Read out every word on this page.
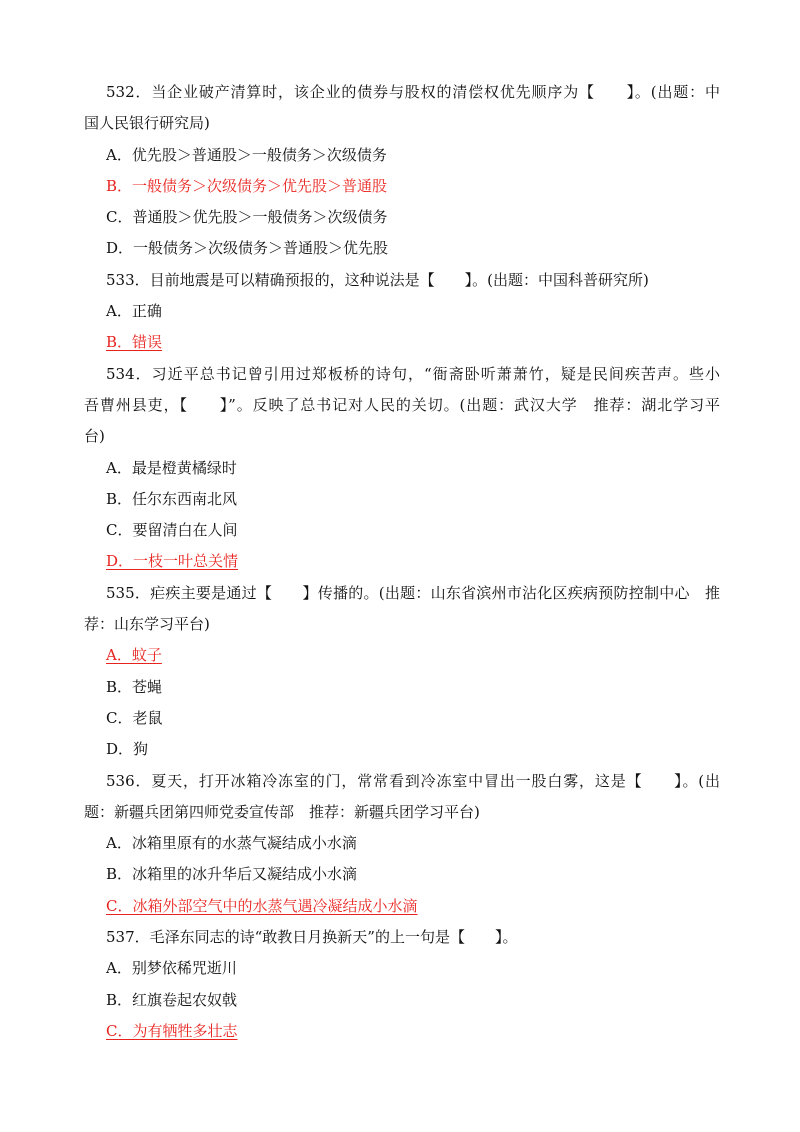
532．当企业破产清算时，该企业的债券与股权的清偿权优先顺序为【　　】。(出题：中
国人民银行研究局)
A．优先股＞普通股＞一般债务＞次级债务
B．一般债务＞次级债务＞优先股＞普通股
C．普通股＞优先股＞一般债务＞次级债务
D．一般债务＞次级债务＞普通股＞优先股
533．目前地震是可以精确预报的，这种说法是【　　】。(出题：中国科普研究所)
A．正确
B．错误
534．习近平总书记曾引用过郑板桥的诗句，“衙斋卧听萧萧竹，疑是民间疾苦声。些小
吾曹州县吏，【　　】”。反映了总书记对人民的关切。(出题：武汉大学　推荐：湖北学习平
台)
A．最是橙黄橘绿时
B．任尔东西南北风
C．要留清白在人间
D．一枝一叶总关情
535．疟疾主要是通过【　　】传播的。(出题：山东省滨州市沾化区疾病预防控制中心　推
荐：山东学习平台)
A．蚊子
B．苍蝇
C．老鼠
D．狗
536．夏天，打开冰箱冷冻室的门，常常看到冷冻室中冒出一股白雾，这是【　　】。(出
题：新疆兵团第四师党委宣传部　推荐：新疆兵团学习平台)
A．冰箱里原有的水蒸气凝结成小水滴
B．冰箱里的冰升华后又凝结成小水滴
C．冰箱外部空气中的水蒸气遇冷凝结成小水滴
537．毛泽东同志的诗“敢教日月换新天”的上一句是【　　】。
A．别梦依稀咒逝川
B．红旗卷起农奴戟
C．为有牺牲多壮志
